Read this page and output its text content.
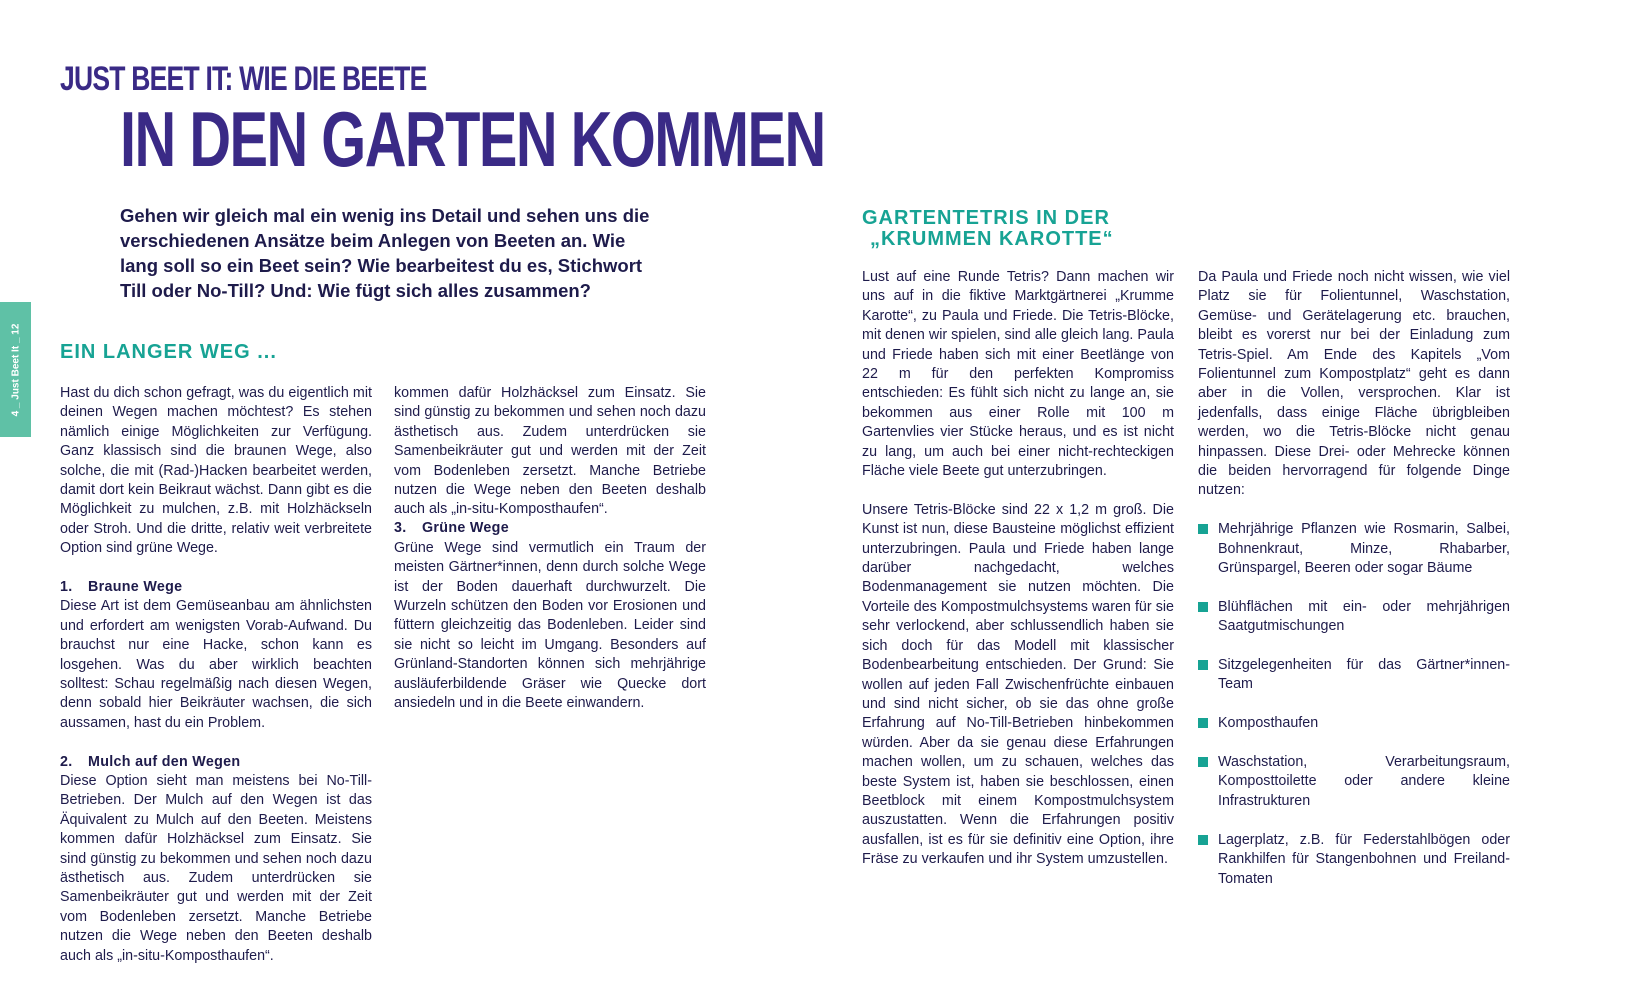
4 _ Just Beet It _ 12
JUST BEET IT: WIE DIE BEETE
IN DEN GARTEN KOMMEN
Gehen wir gleich mal ein wenig ins Detail und sehen uns die verschiedenen Ansätze beim Anlegen von Beeten an. Wie lang soll so ein Beet sein? Wie bearbeitest du es, Stichwort Till oder No-Till? Und: Wie fügt sich alles zusammen?
EIN LANGER WEG ...

Hast du dich schon gefragt, was du eigentlich mit deinen Wegen machen möchtest? Es stehen nämlich einige Möglichkeiten zur Verfügung. Ganz klassisch sind die braunen Wege, also solche, die mit (Rad-)Hacken bearbeitet werden, damit dort kein Beikraut wächst. Dann gibt es die Möglichkeit zu mulchen, z.B. mit Holzhäckseln oder Stroh. Und die dritte, relativ weit verbreitete Option sind grüne Wege.

1. Braune Wege

Diese Art ist dem Gemüseanbau am ähnlichsten und erfordert am wenigsten Vorab-Aufwand. Du brauchst nur eine Hacke, schon kann es losgehen. Was du aber wirklich beachten solltest: Schau regelmäßig nach diesen Wegen, denn sobald hier Beikräuter wachsen, die sich aussamen, hast du ein Problem.

2. Mulch auf den Wegen

Diese Option sieht man meistens bei No-Till-Betrieben. Der Mulch auf den Wegen ist das Äquivalent zu Mulch auf den Beeten. Meistens kommen dafür Holzhäcksel zum Einsatz. Sie sind günstig zu bekommen und sehen noch dazu ästhetisch aus. Zudem unterdrücken sie Samenbeikräuter gut und werden mit der Zeit vom Bodenleben zersetzt. Manche Betriebe nutzen die Wege neben den Beeten deshalb auch als „in-situ-Komposthaufen“.

kommen dafür Holzhäcksel zum Einsatz. Sie sind günstig zu bekommen und sehen noch dazu ästhetisch aus. Zudem unterdrücken sie Samenbeikräuter gut und werden mit der Zeit vom Bodenleben zersetzt. Manche Betriebe nutzen die Wege neben den Beeten deshalb auch als „in-situ-Komposthaufen“.

3. Grüne Wege

Grüne Wege sind vermutlich ein Traum der meisten Gärtner*innen, denn durch solche Wege ist der Boden dauerhaft durchwurzelt. Die Wurzeln schützen den Boden vor Erosionen und füttern gleichzeitig das Bodenleben. Leider sind sie nicht so leicht im Umgang. Besonders auf Grünland-Standorten können sich mehrjährige ausläuferbildende Gräser wie Quecke dort ansiedeln und in die Beete einwandern.

GARTENTETRIS IN DER
„KRUMMEN KAROTTE“

Lust auf eine Runde Tetris? Dann machen wir uns auf in die fiktive Marktgärtnerei „Krumme Karotte“, zu Paula und Friede. Die Tetris-Blöcke, mit denen wir spielen, sind alle gleich lang. Paula und Friede haben sich mit einer Beetlänge von 22 m für den perfekten Kompromiss entschieden: Es fühlt sich nicht zu lange an, sie bekommen aus einer Rolle mit 100 m Gartenvlies vier Stücke heraus, und es ist nicht zu lang, um auch bei einer nicht-rechteckigen Fläche viele Beete gut unterzubringen.

Unsere Tetris-Blöcke sind 22 x 1,2 m groß. Die Kunst ist nun, diese Bausteine möglichst effizient unterzubringen. Paula und Friede haben lange darüber nachgedacht, welches Bodenmanagement sie nutzen möchten. Die Vorteile des Kompostmulchsystems waren für sie sehr verlockend, aber schlussendlich haben sie sich doch für das Modell mit klassischer Bodenbearbeitung entschieden. Der Grund: Sie wollen auf jeden Fall Zwischenfrüchte einbauen und sind nicht sicher, ob sie das ohne große Erfahrung auf No-Till-Betrieben hinbekommen würden. Aber da sie genau diese Erfahrungen machen wollen, um zu schauen, welches das beste System ist, haben sie beschlossen, einen Beetblock mit einem Kompostmulchsystem auszustatten. Wenn die Erfahrungen positiv ausfallen, ist es für sie definitiv eine Option, ihre Fräse zu verkaufen und ihr System umzustellen.

Da Paula und Friede noch nicht wissen, wie viel Platz sie für Folientunnel, Waschstation, Gemüse- und Gerätelagerung etc. brauchen, bleibt es vorerst nur bei der Einladung zum Tetris-Spiel. Am Ende des Kapitels „Vom Folientunnel zum Kompostplatz“ geht es dann aber in die Vollen, versprochen. Klar ist jedenfalls, dass einige Fläche übrigbleiben werden, wo die Tetris-Blöcke nicht genau hinpassen. Diese Drei- oder Mehrecke können die beiden hervorragend für folgende Dinge nutzen:

Mehrjährige Pflanzen wie Rosmarin, Salbei, Bohnenkraut, Minze, Rhabarber, Grünspargel, Beeren oder sogar Bäume
Blühflächen mit ein- oder mehrjährigen Saatgutmischungen
Sitzgelegenheiten für das Gärtner*innen-Team
Komposthaufen
Waschstation, Verarbeitungsraum, Komposttoilette oder andere kleine Infrastrukturen
Lagerplatz, z.B. für Federstahlbögen oder Rankhilfen für Stangenbohnen und Freiland-Tomaten
